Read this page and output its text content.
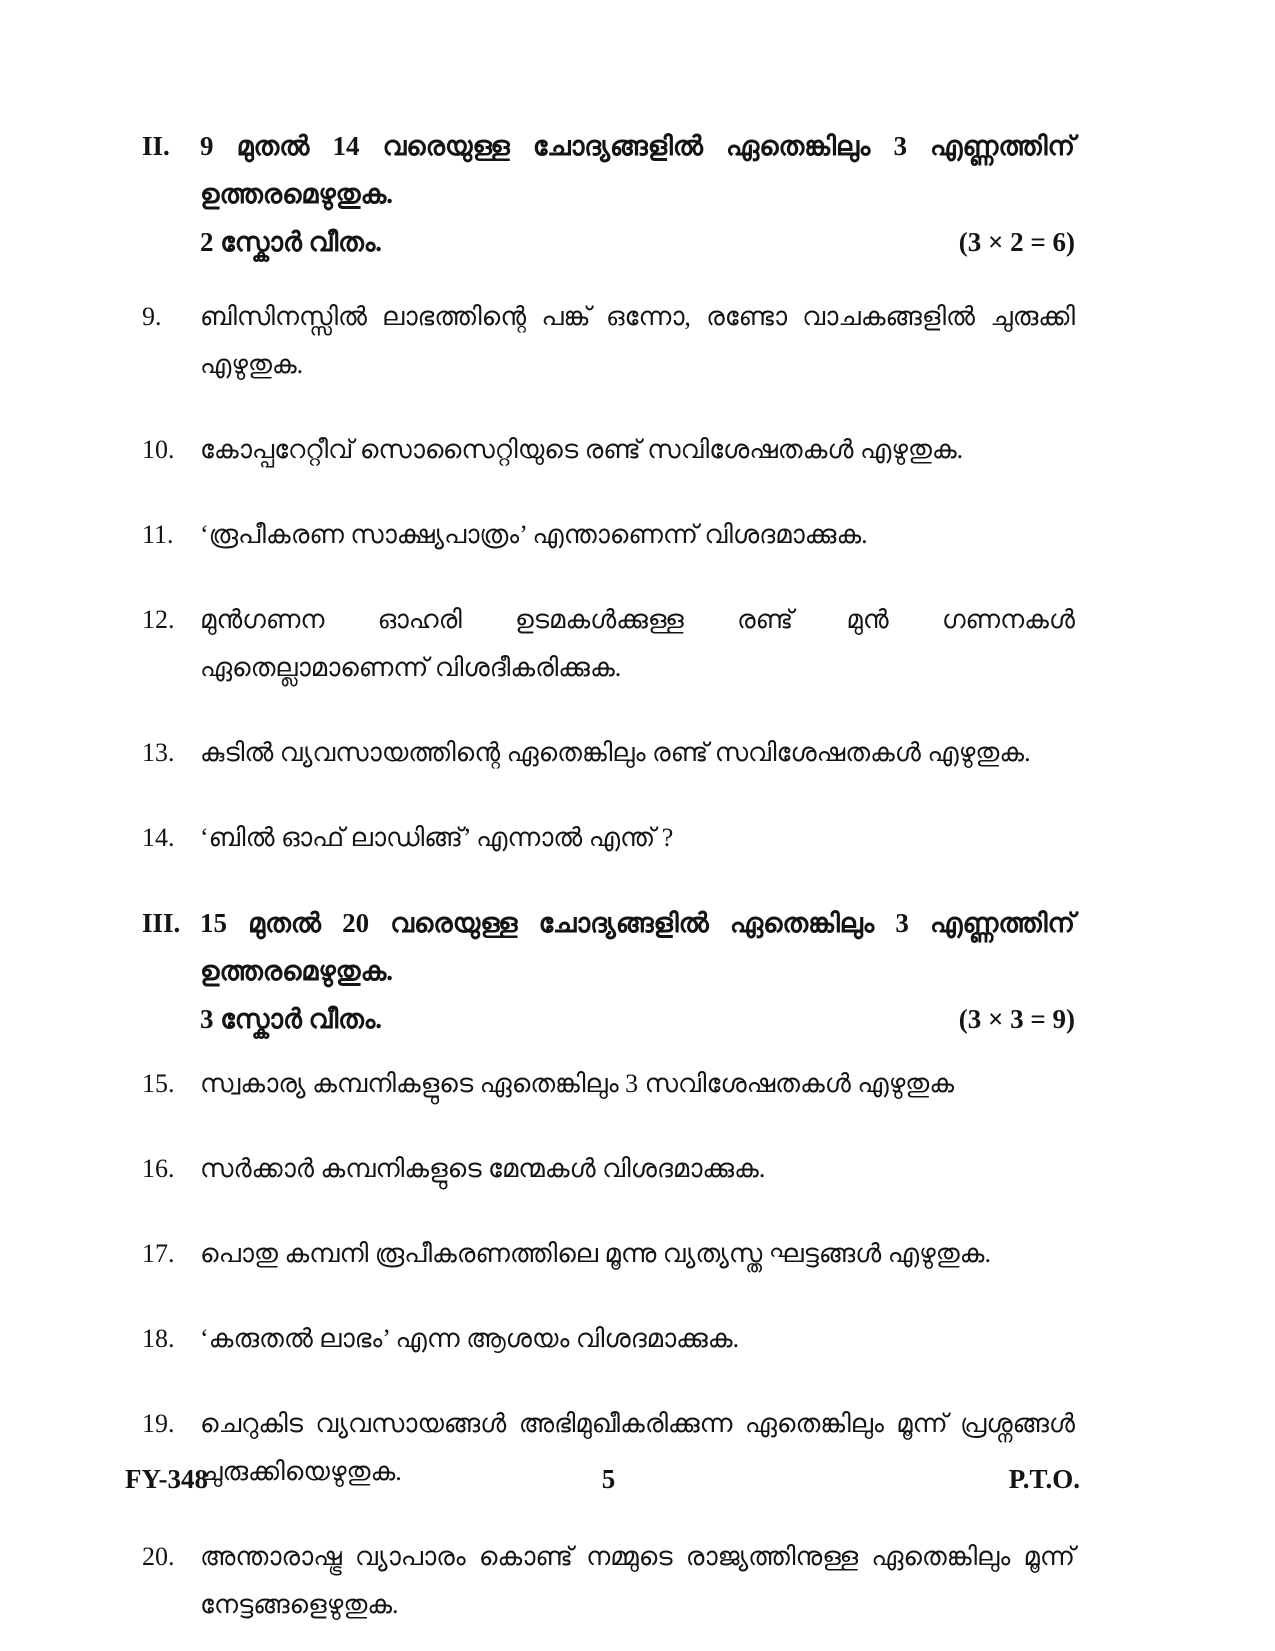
II.	9 മുതൽ 14 വരെയുള്ള ചോദ്യങ്ങളിൽ ഏതെങ്കിലും 3 എണ്ണത്തിന് ഉത്തരമെഴുതുക.
2 സ്കോർ വീതം.	(3 × 2 = 6)
9.	ബിസിനസ്സിൽ ലാഭത്തിന്റെ പങ്ക് ഒന്നോ, രണ്ടോ വാചകങ്ങളിൽ ചുരുക്കി എഴുതുക.

10. കോപ്പറേറ്റീവ് സൊസൈറ്റിയുടെ രണ്ട് സവിശേഷതകൾ എഴുതുക.

11.	‘രൂപീകരണ സാക്ഷ്യപാത്രം’ എന്താണെന്ന് വിശദമാക്കുക.

12. മുൻഗണന ഓഹരി ഉടമകൾക്കുള്ള രണ്ട് മുൻ ഗണനകൾ ഏതെല്ലാമാണെന്ന് വിശദീകരിക്കുക.

13. കുടിൽ വ്യവസായത്തിന്റെ ഏതെങ്കിലും രണ്ട് സവിശേഷതകൾ എഴുതുക.

14. ‘ബിൽ ഓഫ് ലാഡിങ്ങ്’ എന്നാൽ എന്ത് ?

III. 15 മുതൽ 20 വരെയുള്ള ചോദ്യങ്ങളിൽ ഏതെങ്കിലും 3 എണ്ണത്തിന് ഉത്തരമെഴുതുക.
3 സ്കോർ വീതം.	(3 × 3 = 9)
15. സ്വകാര്യ കമ്പനികളുടെ ഏതെങ്കിലും 3 സവിശേഷതകൾ എഴുതുക

16. സർക്കാർ കമ്പനികളുടെ മേന്മകൾ വിശദമാക്കുക.

17. പൊതു കമ്പനി രൂപീകരണത്തിലെ മൂന്നു വ്യത്യസ്ത ഘട്ടങ്ങൾ എഴുതുക.

18. ‘കരുതൽ ലാഭം’ എന്ന ആശയം വിശദമാക്കുക.

19. ചെറുകിട വ്യവസായങ്ങൾ അഭിമുഖീകരിക്കുന്ന ഏതെങ്കിലും മൂന്ന് പ്രശ്നങ്ങൾ ചുരുക്കിയെഴുതുക.

20. അന്താരാഷ്ട്ര വ്യാപാരം കൊണ്ട് നമ്മുടെ രാജ്യത്തിനുള്ള ഏതെങ്കിലും മൂന്ന് നേട്ടങ്ങളെഴുതുക.

FY-348	5	P.T.O.
